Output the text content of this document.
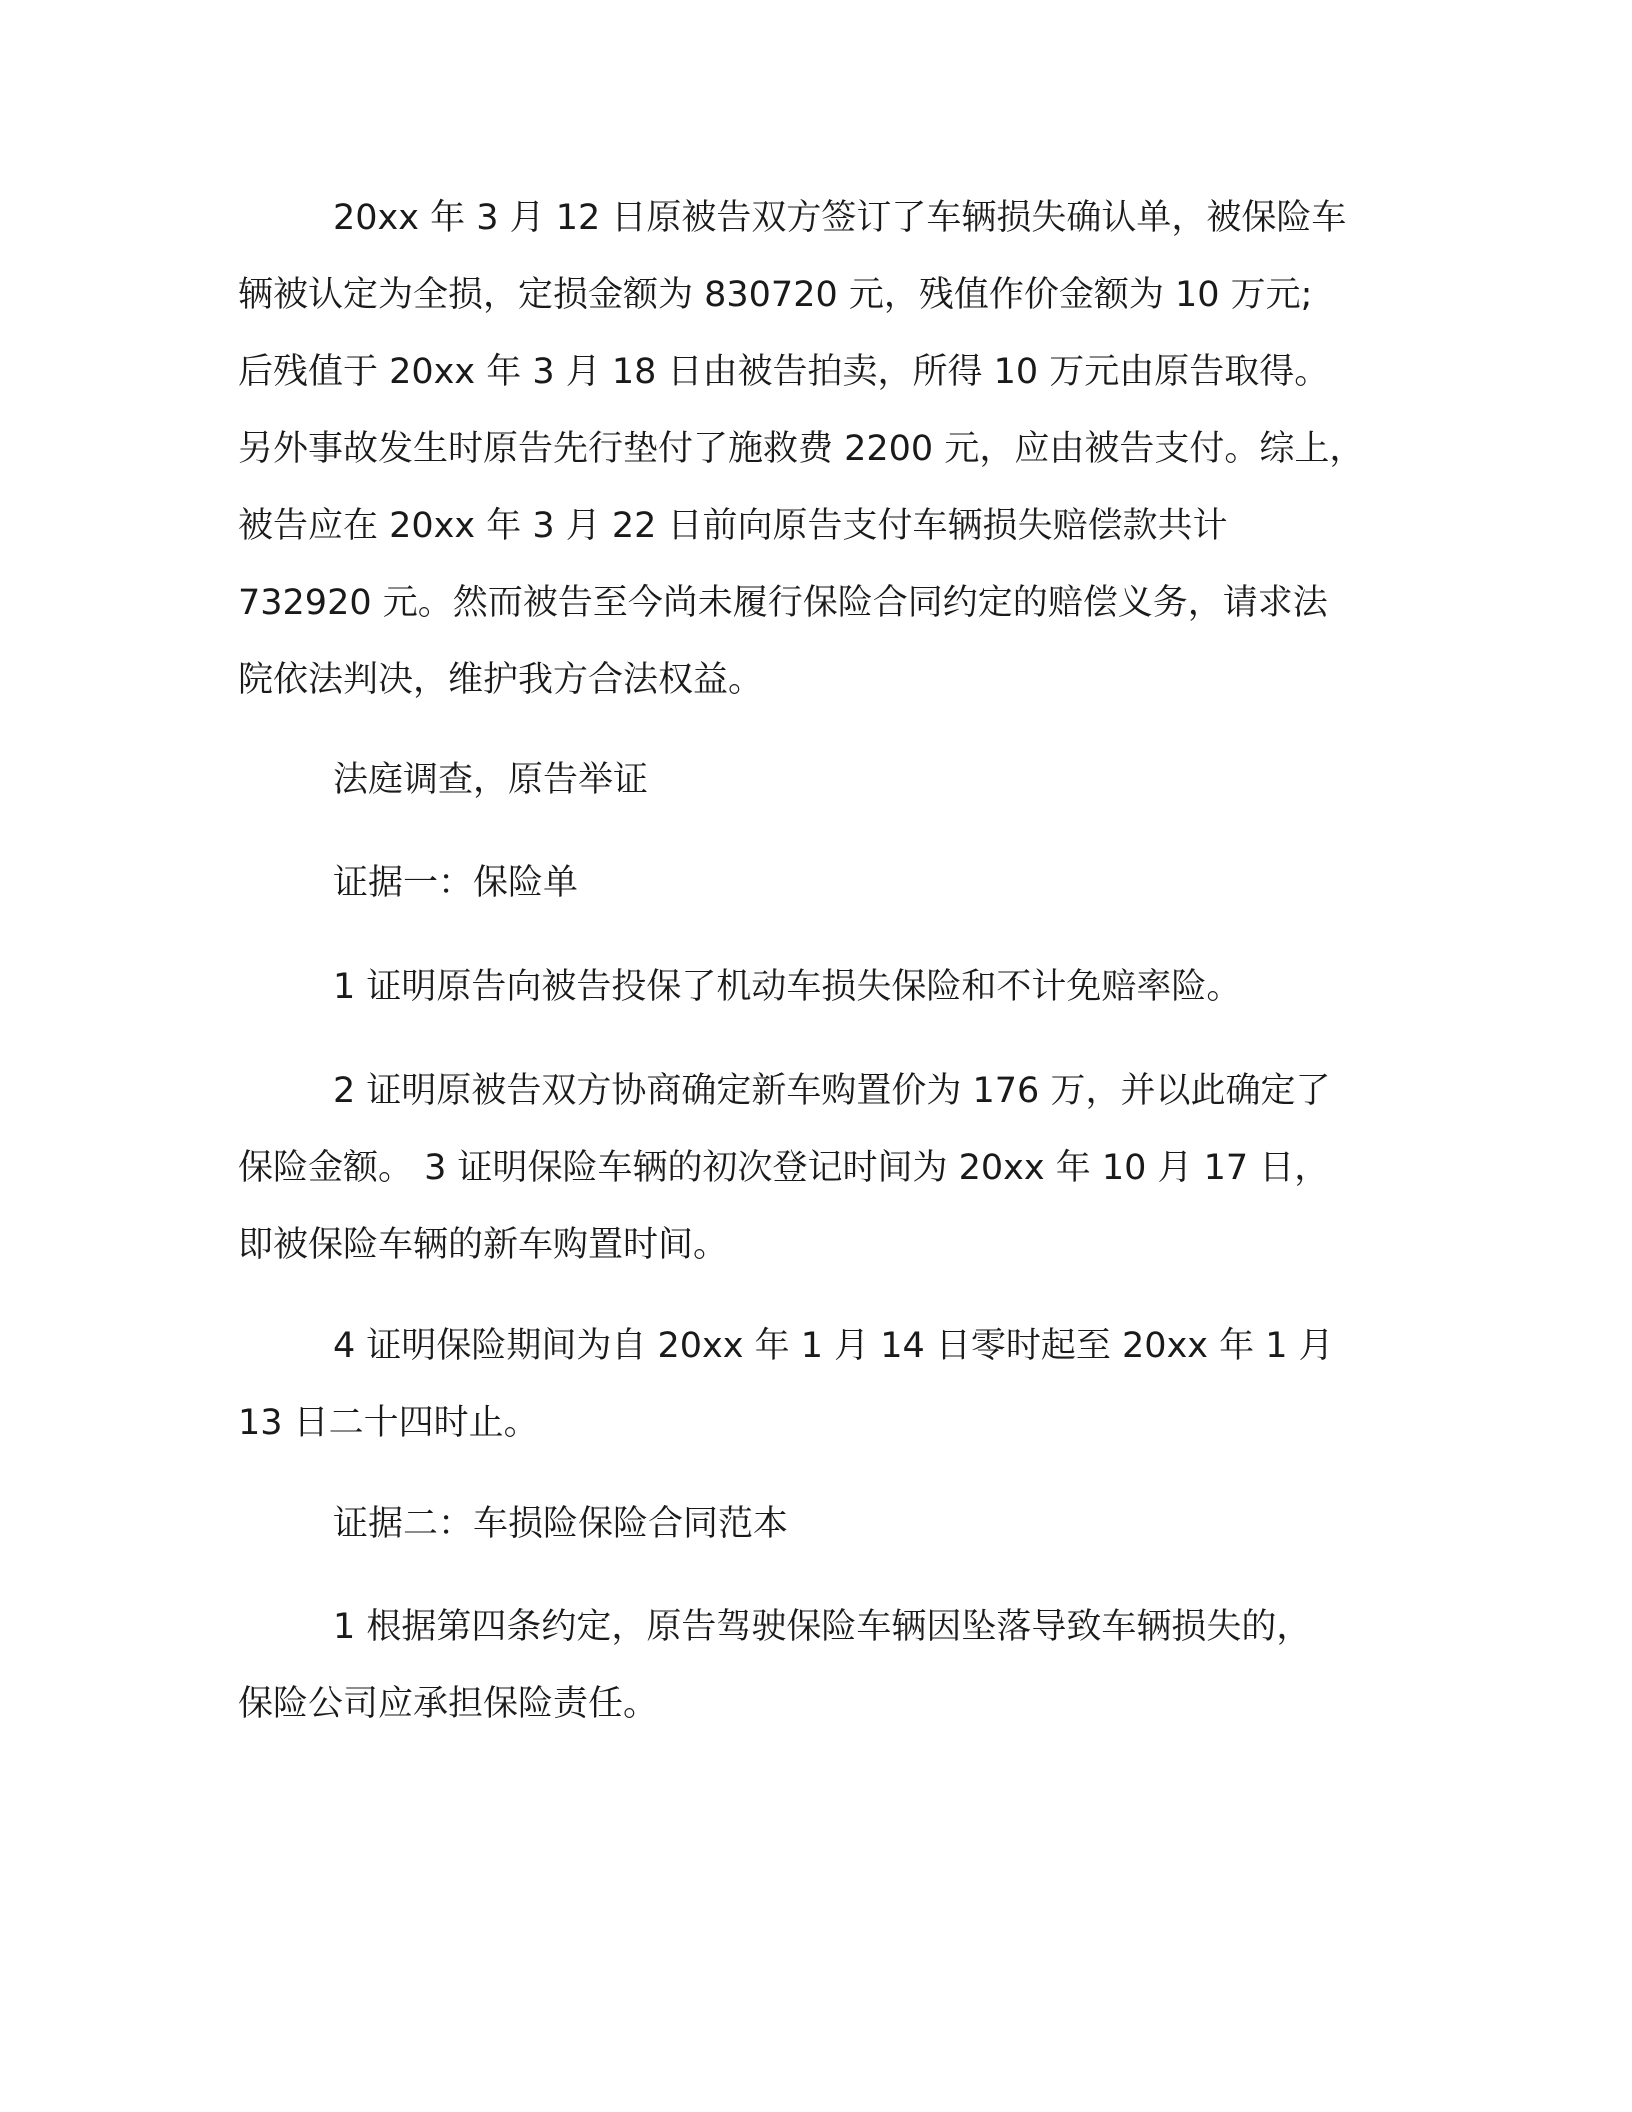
20xx 年 3 月 12 日原被告双方签订了车辆损失确认单，被保险车
辆被认定为全损，定损金额为 830720 元，残值作价金额为 10 万元;
后残值于 20xx 年 3 月 18 日由被告拍卖，所得 10 万元由原告取得。
另外事故发生时原告先行垫付了施救费 2200 元，应由被告支付。综上，
被告应在 20xx 年 3 月 22 日前向原告支付车辆损失赔偿款共计
732920 元。然而被告至今尚未履行保险合同约定的赔偿义务，请求法
院依法判决，维护我方合法权益。
法庭调查，原告举证
证据一：保险单
1 证明原告向被告投保了机动车损失保险和不计免赔率险。
2 证明原被告双方协商确定新车购置价为 176 万，并以此确定了
保险金额。 3 证明保险车辆的初次登记时间为 20xx 年 10 月 17 日，
即被保险车辆的新车购置时间。
4 证明保险期间为自 20xx 年 1 月 14 日零时起至 20xx 年 1 月
13 日二十四时止。
证据二：车损险保险合同范本
1 根据第四条约定，原告驾驶保险车辆因坠落导致车辆损失的，
保险公司应承担保险责任。
